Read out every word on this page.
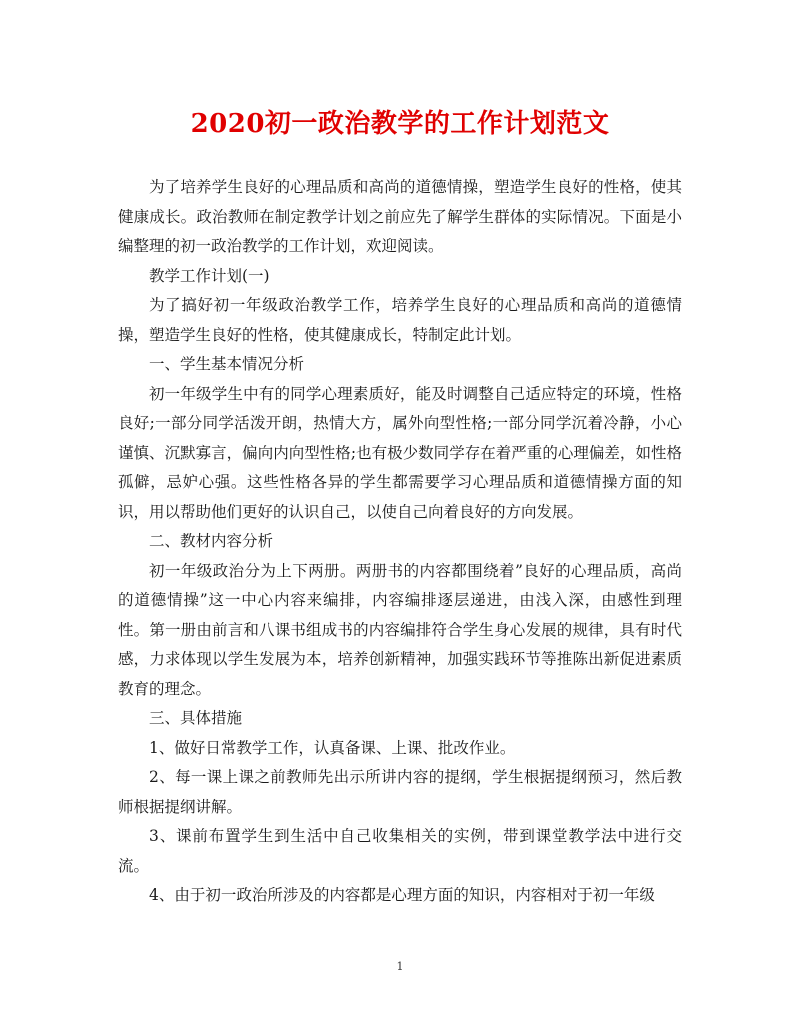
2020初一政治教学的工作计划范文

为了培养学生良好的心理品质和高尚的道德情操，塑造学生良好的性格，使其健康成长。政治教师在制定教学计划之前应先了解学生群体的实际情况。下面是小编整理的初一政治教学的工作计划，欢迎阅读。

教学工作计划(一)

为了搞好初一年级政治教学工作，培养学生良好的心理品质和高尚的道德情操，塑造学生良好的性格，使其健康成长，特制定此计划。

一、学生基本情况分析

初一年级学生中有的同学心理素质好，能及时调整自己适应特定的环境，性格良好;一部分同学活泼开朗，热情大方，属外向型性格;一部分同学沉着冷静，小心谨慎、沉默寡言，偏向内向型性格;也有极少数同学存在着严重的心理偏差，如性格孤僻，忌妒心强。这些性格各异的学生都需要学习心理品质和道德情操方面的知识，用以帮助他们更好的认识自己，以使自己向着良好的方向发展。

二、教材内容分析

初一年级政治分为上下两册。两册书的内容都围绕着”良好的心理品质，高尚的道德情操”这一中心内容来编排，内容编排逐层递进，由浅入深，由感性到理性。第一册由前言和八课书组成书的内容编排符合学生身心发展的规律，具有时代感，力求体现以学生发展为本，培养创新精神，加强实践环节等推陈出新促进素质教育的理念。

三、具体措施

1、做好日常教学工作，认真备课、上课、批改作业。

2、每一课上课之前教师先出示所讲内容的提纲，学生根据提纲预习，然后教师根据提纲讲解。

3、课前布置学生到生活中自己收集相关的实例，带到课堂教学法中进行交流。

4、由于初一政治所涉及的内容都是心理方面的知识，内容相对于初一年级

1
